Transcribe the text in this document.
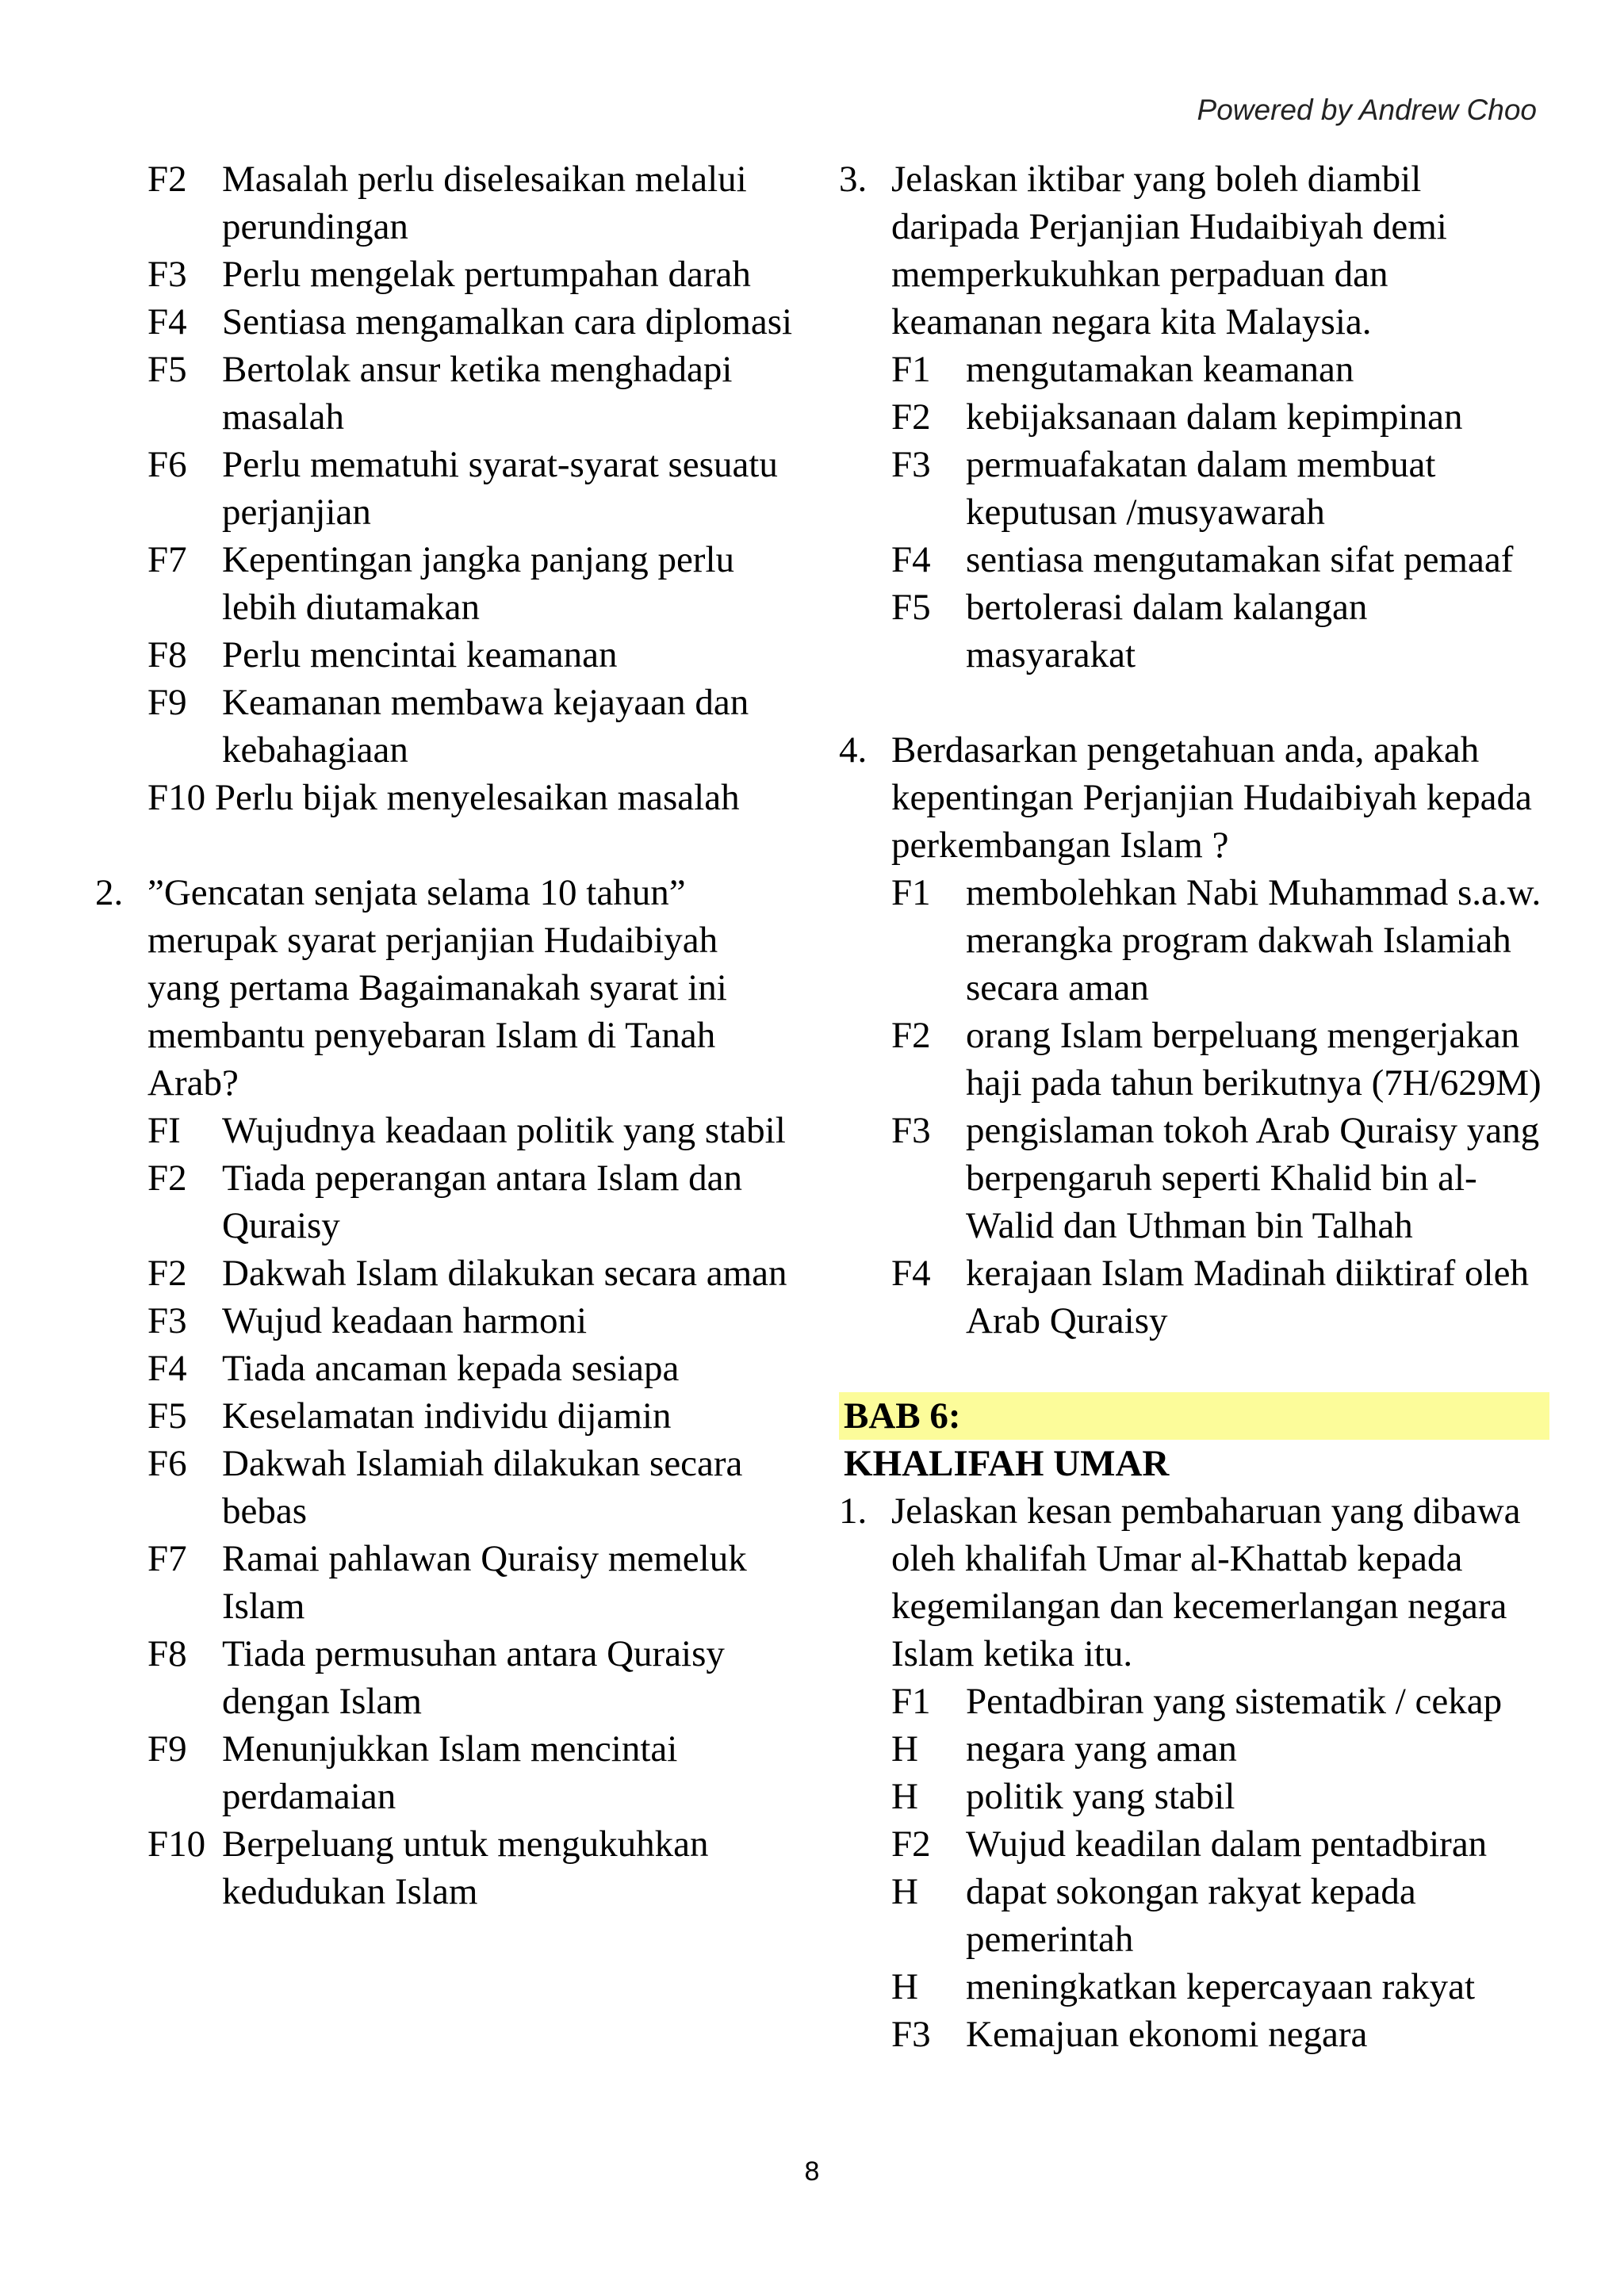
Powered by Andrew Choo
F2 Masalah perlu diselesaikan melalui perundingan
F3 Perlu mengelak pertumpahan darah
F4 Sentiasa mengamalkan cara diplomasi
F5 Bertolak ansur ketika menghadapi masalah
F6 Perlu mematuhi syarat-syarat sesuatu perjanjian
F7 Kepentingan jangka panjang perlu lebih diutamakan
F8 Perlu mencintai keamanan
F9 Keamanan membawa kejayaan dan kebahagiaan
F10 Perlu bijak menyelesaikan masalah
2. ”Gencatan senjata selama 10 tahun” merupak syarat perjanjian Hudaibiyah yang pertama Bagaimanakah syarat ini membantu penyebaran Islam di Tanah Arab?
FI Wujudnya keadaan politik yang stabil
F2 Tiada peperangan antara Islam dan Quraisy
F2 Dakwah Islam dilakukan secara aman
F3 Wujud keadaan harmoni
F4 Tiada ancaman kepada sesiapa
F5 Keselamatan individu dijamin
F6 Dakwah Islamiah dilakukan secara bebas
F7 Ramai pahlawan Quraisy memeluk Islam
F8 Tiada permusuhan antara Quraisy dengan Islam
F9 Menunjukkan Islam mencintai perdamaian
F10 Berpeluang untuk mengukuhkan kedudukan Islam
3. Jelaskan iktibar yang boleh diambil daripada Perjanjian Hudaibiyah demi memperkukuhkan perpaduan dan keamanan negara kita Malaysia.
F1 mengutamakan keamanan
F2 kebijaksanaan dalam kepimpinan
F3 permuafakatan dalam membuat keputusan /musyawarah
F4 sentiasa mengutamakan sifat pemaaf
F5 bertolerasi dalam kalangan masyarakat
4. Berdasarkan pengetahuan anda, apakah kepentingan Perjanjian Hudaibiyah kepada perkembangan Islam ?
F1 membolehkan Nabi Muhammad s.a.w. merangka program dakwah Islamiah secara aman
F2 orang Islam berpeluang mengerjakan haji pada tahun berikutnya (7H/629M)
F3 pengislaman tokoh Arab Quraisy yang berpengaruh seperti Khalid bin al-Walid dan Uthman bin Talhah
F4 kerajaan Islam Madinah diiktiraf oleh Arab Quraisy
BAB 6:
KHALIFAH UMAR
1. Jelaskan kesan pembaharuan yang dibawa oleh khalifah Umar al-Khattab kepada kegemilangan dan kecemerlangan negara Islam ketika itu.
F1 Pentadbiran yang sistematik / cekap
H negara yang aman
H politik yang stabil
F2 Wujud keadilan dalam pentadbiran
H dapat sokongan rakyat kepada pemerintah
H meningkatkan kepercayaan rakyat
F3 Kemajuan ekonomi negara
8
